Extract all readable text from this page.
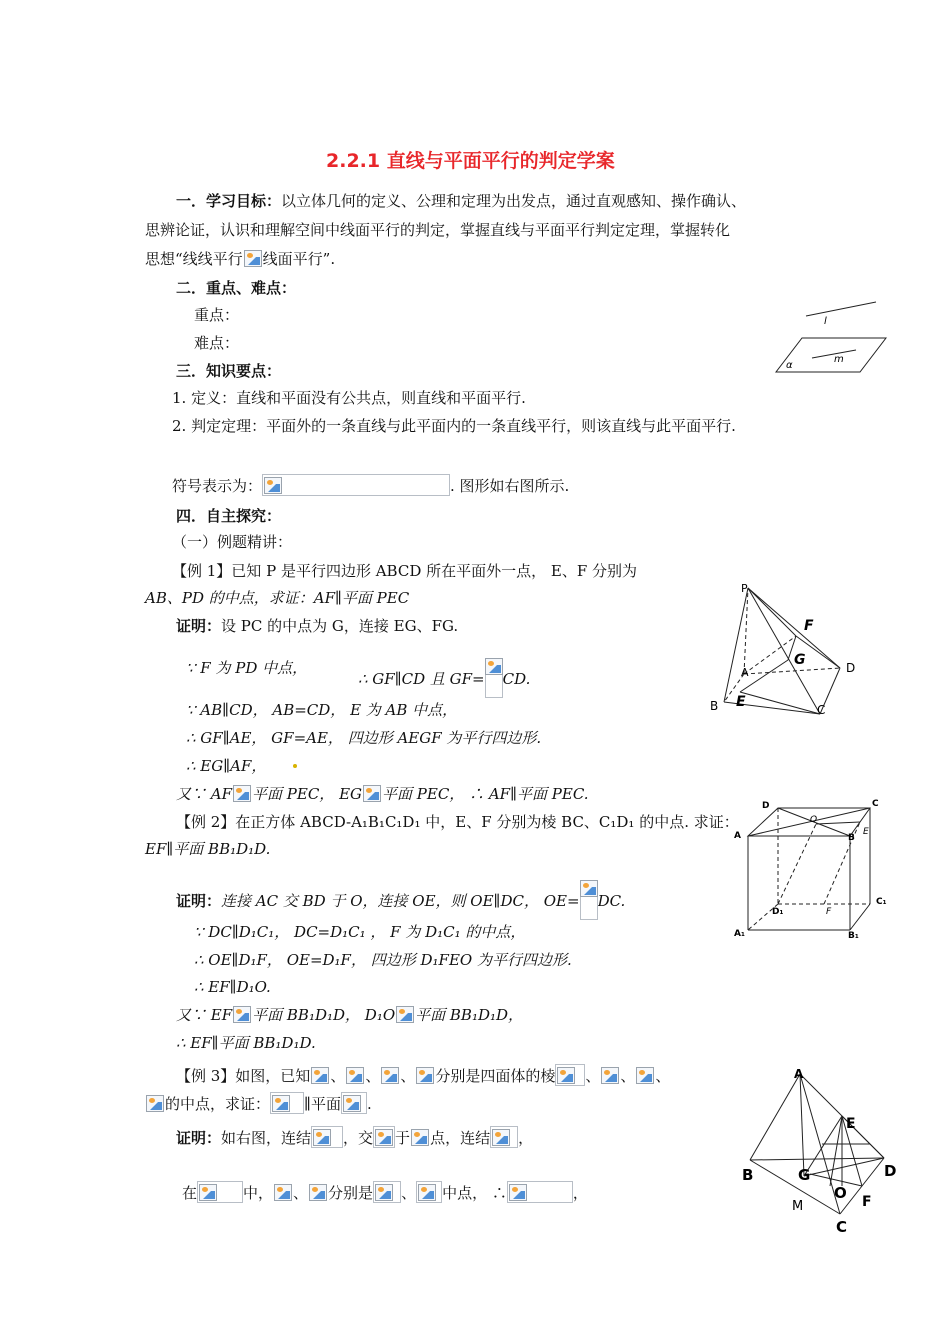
2.2.1 直线与平面平行的判定学案
一．学习目标：以立体几何的定义、公理和定理为出发点，通过直观感知、操作确认、
思辨论证，认识和理解空间中线面平行的判定，掌握直线与平面平行判定定理，掌握转化
思想“线线平行 线面平行”.
二．重点、难点：
重点：
难点：
l
m
α
三．知识要点：
1. 定义：直线和平面没有公共点，则直线和平面平行.
2. 判定定理：平面外的一条直线与此平面内的一条直线平行，则该直线与此平面平行.
符号表示为：	. 图形如右图所示.
四．自主探究：
（一）例题精讲：
【例 1】已知 P 是平行四边形 ABCD 所在平面外一点， E、F 分别为
AB、PD 的中点，求证：AF∥平面 PEC
证明：设 PC 的中点为 G，连接 EG、FG.
∵ F 为 PD 中点，
∴ GF∥CD 且 GF= CD.
∵ AB∥CD， AB=CD， E 为 AB 中点，
∴ GF∥AE， GF=AE， 四边形 AEGF 为平行四边形.
∴ EG∥AF，
又∵ AF 平面 PEC， EG 平面 PEC， ∴ AF∥平面 PEC.
P
F
G
A	D
B E	C
【例 2】在正方体 ABCD-A₁B₁C₁D₁ 中，E、F 分别为棱 BC、C₁D₁ 的中点. 求证：
EF∥平面 BB₁D₁D.
证明：连接 AC 交 BD 于 O，连接 OE，则 OE∥DC， OE= DC.
∵ DC∥D₁C₁， DC=D₁C₁ ， F 为 D₁C₁ 的中点，
∴ OE∥D₁F， OE=D₁F， 四边形 D₁FEO 为平行四边形.
∴ EF∥D₁O.
又∵ EF 平面 BB₁D₁D， D₁O 平面 BB₁D₁D，
∴ EF∥平面 BB₁D₁D.
D
O
C
A	B
E
C₁
D₁	F
A₁	B₁
【例 3】如图，已知 、 、 、 分别是四面体的棱 、 、 、
的中点，求证： ∥平面 .
证明：如右图，连结 ，交 于 点，连结 ，
在	中， 、 分别是 、 中点， ∴	，
A
E
B	G	D
O F
M
C
